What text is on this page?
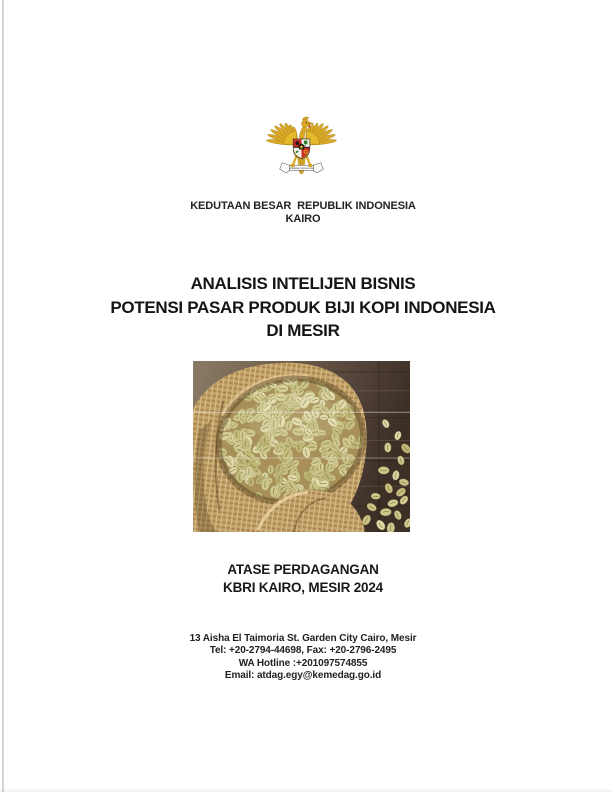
BHINNEKA TUNGGAL IKA
KEDUTAAN BESAR  REPUBLIK INDONESIA
KAIRO
ANALISIS INTELIJEN BISNIS
POTENSI PASAR PRODUK BIJI KOPI INDONESIA
DI MESIR
ATASE PERDAGANGAN
KBRI KAIRO, MESIR 2024
13 Aisha El Taimoria St. Garden City Cairo, Mesir
Tel: +20-2794-44698, Fax: +20-2796-2495
WA Hotline :+201097574855
Email: atdag.egy@kemedag.go.id
